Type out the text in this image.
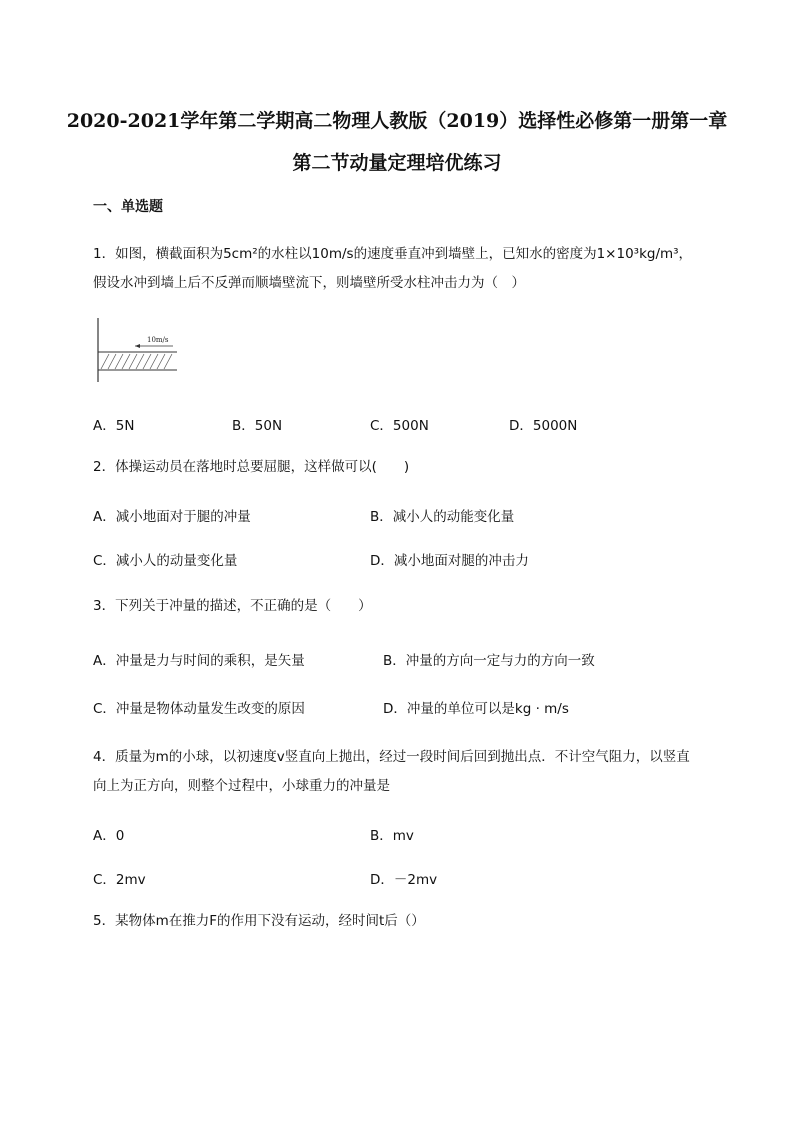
2020-2021学年第二学期高二物理人教版（2019）选择性必修第一册第一章第二节动量定理培优练习
一、单选题
1．如图，横截面积为5cm²的水柱以10m/s的速度垂直冲到墙壁上，已知水的密度为1×10³kg/m³，假设水冲到墙上后不反弹而顺墙壁流下，则墙壁所受水柱冲击力为（　）
10m/s
A．5N	B．50N	C．500N	D．5000N
2．体操运动员在落地时总要屈腿，这样做可以(　　)
A．减小地面对于腿的冲量	B．减小人的动能变化量
C．减小人的动量变化量	D．减小地面对腿的冲击力
3．下列关于冲量的描述，不正确的是（　　）
A．冲量是力与时间的乘积，是矢量	B．冲量的方向一定与力的方向一致
C．冲量是物体动量发生改变的原因	D．冲量的单位可以是kg · m/s
4．质量为m的小球，以初速度v竖直向上抛出，经过一段时间后回到抛出点．不计空气阻力，以竖直向上为正方向，则整个过程中，小球重力的冲量是
A．0	B．mv
C．2mv	D．－2mv
5．某物体m在推力F的作用下没有运动，经时间t后（）
